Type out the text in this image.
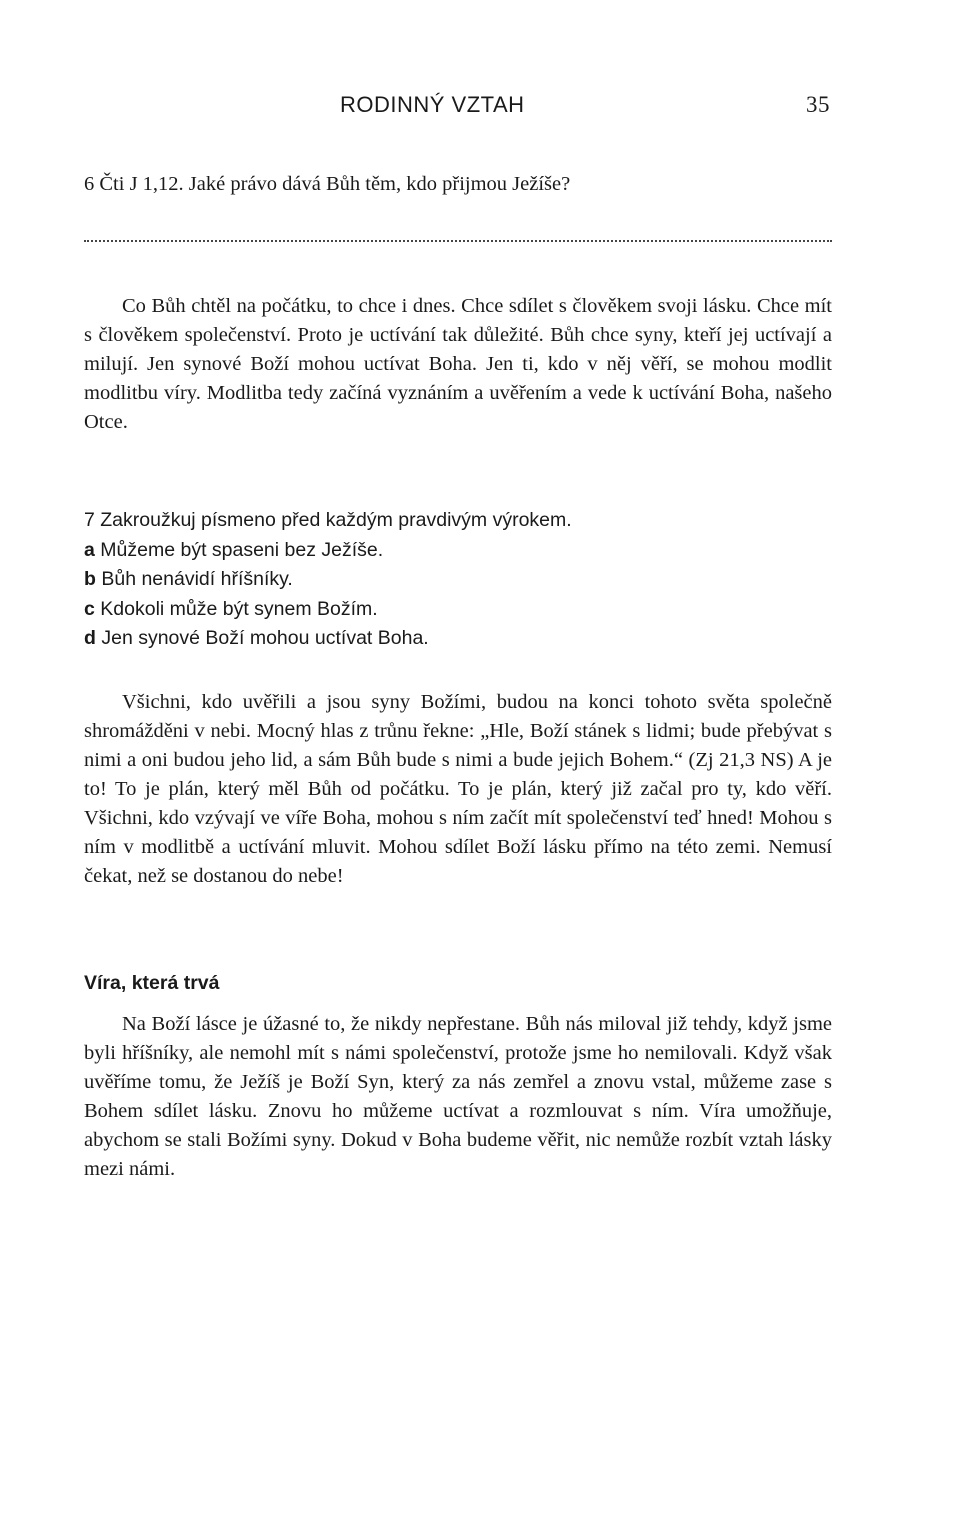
RODINNÝ VZTAH	35
6 Čti J 1,12. Jaké právo dává Bůh těm, kdo přijmou Ježíše?
Co Bůh chtěl na počátku, to chce i dnes. Chce sdílet s člověkem svoji lásku. Chce mít s člověkem společenství. Proto je uctívání tak důležité. Bůh chce syny, kteří jej uctívají a milují. Jen synové Boží mohou uctívat Boha. Jen ti, kdo v něj věří, se mohou modlit modlitbu víry. Modlitba tedy začíná vyznáním a uvěřením a vede k uctívání Boha, našeho Otce.
7 Zakroužkuj písmeno před každým pravdivým výrokem.
a Můžeme být spaseni bez Ježíše.
b Bůh nenávidí hříšníky.
c Kdokoli může být synem Božím.
d Jen synové Boží mohou uctívat Boha.
Všichni, kdo uvěřili a jsou syny Božími, budou na konci tohoto světa společně shromážděni v nebi. Mocný hlas z trůnu řekne: „Hle, Boží stánek s lidmi; bude přebývat s nimi a oni budou jeho lid, a sám Bůh bude s nimi a bude jejich Bohem.“ (Zj 21,3 NS) A je to! To je plán, který měl Bůh od počátku. To je plán, který již začal pro ty, kdo věří. Všichni, kdo vzývají ve víře Boha, mohou s ním začít mít společenství teď hned! Mohou s ním v modlitbě a uctívání mluvit. Mohou sdílet Boží lásku přímo na této zemi. Nemusí čekat, než se dostanou do nebe!
Víra, která trvá
Na Boží lásce je úžasné to, že nikdy nepřestane. Bůh nás miloval již tehdy, když jsme byli hříšníky, ale nemohl mít s námi společenství, protože jsme ho nemilovali. Když však uvěříme tomu, že Ježíš je Boží Syn, který za nás zemřel a znovu vstal, můžeme zase s Bohem sdílet lásku. Znovu ho můžeme uctívat a rozmlouvat s ním. Víra umožňuje, abychom se stali Božími syny. Dokud v Boha budeme věřit, nic nemůže rozbít vztah lásky mezi námi.
